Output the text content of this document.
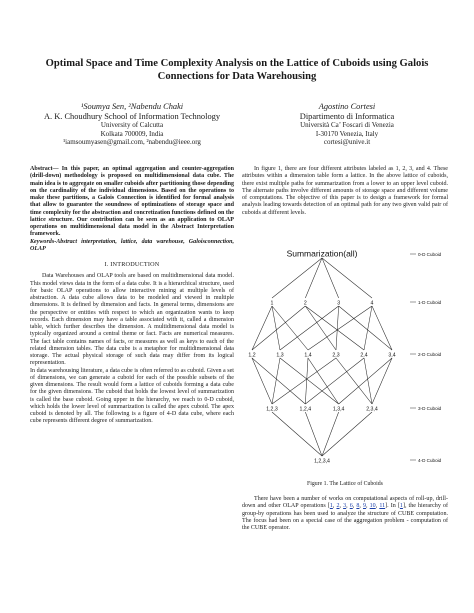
Optimal Space and Time Complexity Analysis on the Lattice of Cuboids using Galois Connections for Data Warehousing
¹Soumya Sen, ²Nabendu Chaki
A. K. Choudhury School of Information Technology
University of Calcutta
Kolkata 700009, India
¹iamsoumyasen@gmail.com, ²nabendu@ieee.org
Agostino Cortesi
Dipartimento di Informatica
Università Ca’ Foscari di Venezia
I-30170 Venezia, Italy
cortesi@unive.it

Abstract— In this paper, an optimal aggregation and counter-aggregation (drill-down) methodology is proposed on multidimensional data cube. The main idea is to aggregate on smaller cuboids after partitioning those depending on the cardinality of the individual dimensions. Based on the operations to make these partitions, a Galois Connection is identified for formal analysis that allow to guarantee the soundness of optimizations of storage space and time complexity for the abstraction and concretization functions defined on the lattice structure. Our contribution can be seen as an application to OLAP operations on multidimensional data model in the Abstract Interpretation framework.

Keywords-Abstract interpretation, lattice, data warehouse, Galoisconnection, OLAP

I. INTRODUCTION

Data Warehouses and OLAP tools are based on multidimensional data model. This model views data in the form of a data cube. It is a hierarchical structure, used for basic OLAP operations to allow interactive mining at multiple levels of abstraction. A data cube allows data to be modeled and viewed in multiple dimensions. It is defined by dimension and facts. In general terms, dimensions are the perspective or entities with respect to which an organization wants to keep records. Each dimension may have a table associated with it, called a dimension table, which further describes the dimension. A multidimensional data model is typically organized around a central theme or fact. Facts are numerical measures. The fact table contains names of facts, or measures as well as keys to each of the related dimension tables. The data cube is a metaphor for multidimensional data storage. The actual physical storage of such data may differ from its logical representation.

In data warehousing literature, a data cube is often referred to as cuboid. Given a set of dimensions, we can generate a cuboid for each of the possible subsets of the given dimensions. The result would form a lattice of cuboids forming a data cube for the given dimensions. The cuboid that holds the lowest level of summarization is called the base cuboid. Going upper in the hierarchy, we reach to 0-D cuboid, which holds the lower level of summarization is called the apex cuboid. The apex cuboid is denoted by all. The following is a figure of 4-D data cube, where each cube represents different degree of summarization.

In figure 1, there are four different attributes labeled as 1, 2, 3, and 4. These attributes within a dimension table form a lattice. In the above lattice of cuboids, there exist multiple paths for summarization from a lower to an upper level cuboid. The alternate paths involve different amounts of storage space and different volume of computations. The objective of this paper is to design a framework for formal analysis leading towards detection of an optimal path for any two given valid pair of cuboids at different levels.

Summarization(all)
1	2	3	4
1,2	1,3	1,4	2,3	2,4	3,4
1,2,3	1,2,4	1,3,4	2,3,4
1,2,3,4
0-D Cuboid
1-D Cuboid
2-D Cuboid
3-D Cuboid
4-D Cuboid
Figure 1. The Lattice of Cuboids

There have been a number of works on computational aspects of roll-up, drill-down and other OLAP operations [1, 2, 3, 6, 8, 9, 10, 11]. In [1], the hierarchy of group-by operations has been used to analyze the structure of CUBE computation. The focus had been on a special case of the aggregation problem - computation of the CUBE operator.
